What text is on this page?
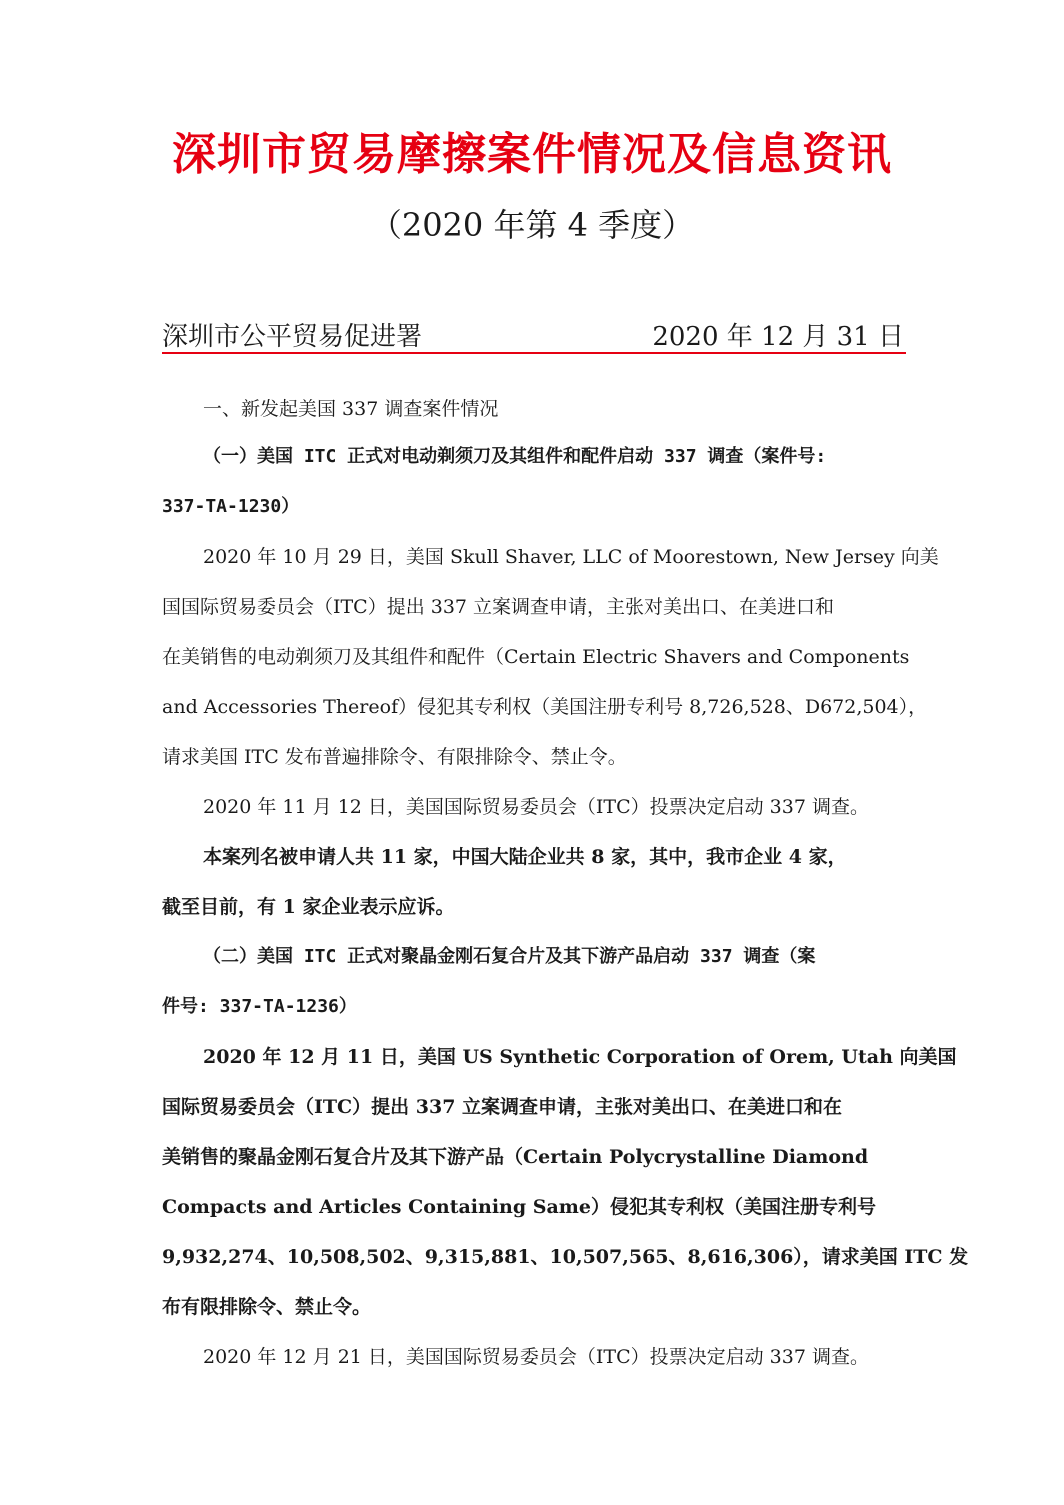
深圳市贸易摩擦案件情况及信息资讯
（2020 年第 4 季度）
深圳市公平贸易促进署	2020 年 12 月 31 日
一、新发起美国 337 调查案件情况
（一）美国 ITC 正式对电动剃须刀及其组件和配件启动 337 调查（案件号:
337-TA-1230）
2020 年 10 月 29 日，美国 Skull Shaver, LLC of Moorestown, New Jersey 向美
国国际贸易委员会（ITC）提出 337 立案调查申请，主张对美出口、在美进口和
在美销售的电动剃须刀及其组件和配件（Certain Electric Shavers and Components
and Accessories Thereof）侵犯其专利权（美国注册专利号 8,726,528、D672,504），
请求美国 ITC 发布普遍排除令、有限排除令、禁止令。
2020 年 11 月 12 日，美国国际贸易委员会（ITC）投票决定启动 337 调查。
本案列名被申请人共 11 家，中国大陆企业共 8 家，其中，我市企业 4 家，
截至目前，有 1 家企业表示应诉。
（二）美国 ITC 正式对聚晶金刚石复合片及其下游产品启动 337 调查（案
件号: 337-TA-1236）
2020 年 12 月 11 日，美国 US Synthetic Corporation of Orem, Utah 向美国
国际贸易委员会（ITC）提出 337 立案调查申请，主张对美出口、在美进口和在
美销售的聚晶金刚石复合片及其下游产品（Certain Polycrystalline Diamond
Compacts and Articles Containing Same）侵犯其专利权（美国注册专利号
9,932,274、10,508,502、9,315,881、10,507,565、8,616,306），请求美国 ITC 发
布有限排除令、禁止令。
2020 年 12 月 21 日，美国国际贸易委员会（ITC）投票决定启动 337 调查。
